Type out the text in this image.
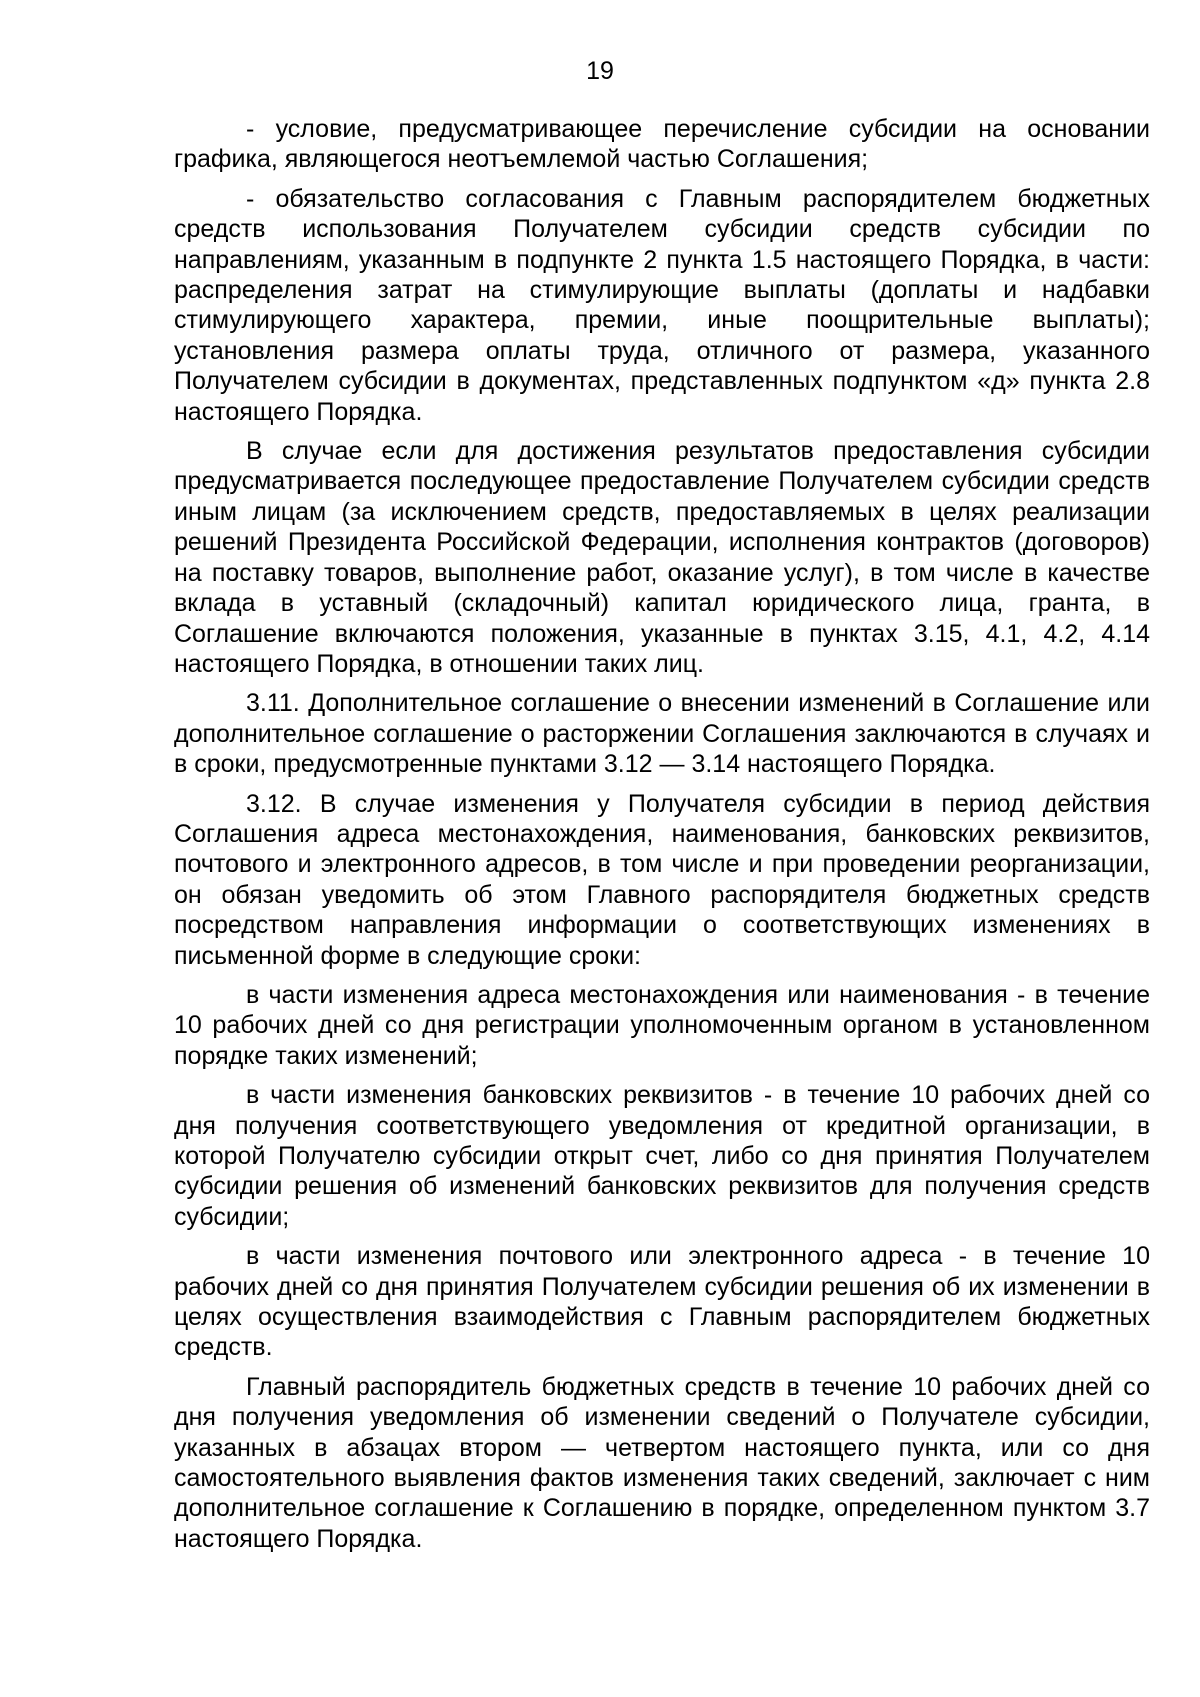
19

- условие, предусматривающее перечисление субсидии на основании графика, являющегося неотъемлемой частью Соглашения;

- обязательство согласования с Главным распорядителем бюджетных средств использования Получателем субсидии средств субсидии по направлениям, указанным в подпункте 2 пункта 1.5 настоящего Порядка, в части: распределения затрат на стимулирующие выплаты (доплаты и надбавки стимулирующего характера, премии, иные поощрительные выплаты); установления размера оплаты труда, отличного от размера, указанного Получателем субсидии в документах, представленных подпунктом «д» пункта 2.8 настоящего Порядка.

В случае если для достижения результатов предоставления субсидии предусматривается последующее предоставление Получателем субсидии средств иным лицам (за исключением средств, предоставляемых в целях реализации решений Президента Российской Федерации, исполнения контрактов (договоров) на поставку товаров, выполнение работ, оказание услуг), в том числе в качестве вклада в уставный (складочный) капитал юридического лица, гранта, в Соглашение включаются положения, указанные в пунктах 3.15, 4.1, 4.2, 4.14 настоящего Порядка, в отношении таких лиц.

3.11. Дополнительное соглашение о внесении изменений в Соглашение или дополнительное соглашение о расторжении Соглашения заключаются в случаях и в сроки, предусмотренные пунктами 3.12 — 3.14 настоящего Порядка.

3.12. В случае изменения у Получателя субсидии в период действия Соглашения адреса местонахождения, наименования, банковских реквизитов, почтового и электронного адресов, в том числе и при проведении реорганизации, он обязан уведомить об этом Главного распорядителя бюджетных средств посредством направления информации о соответствующих изменениях в письменной форме в следующие сроки:

в части изменения адреса местонахождения или наименования - в течение 10 рабочих дней со дня регистрации уполномоченным органом в установленном порядке таких изменений;

в части изменения банковских реквизитов - в течение 10 рабочих дней со дня получения соответствующего уведомления от кредитной организации, в которой Получателю субсидии открыт счет, либо со дня принятия Получателем субсидии решения об изменений банковских реквизитов для получения средств субсидии;

в части изменения почтового или электронного адреса - в течение 10 рабочих дней со дня принятия Получателем субсидии решения об их изменении в целях осуществления взаимодействия с Главным распорядителем бюджетных средств.

Главный распорядитель бюджетных средств в течение 10 рабочих дней со дня получения уведомления об изменении сведений о Получателе субсидии, указанных в абзацах втором — четвертом настоящего пункта, или со дня самостоятельного выявления фактов изменения таких сведений, заключает с ним дополнительное соглашение к Соглашению в порядке, определенном пунктом 3.7 настоящего Порядка.
